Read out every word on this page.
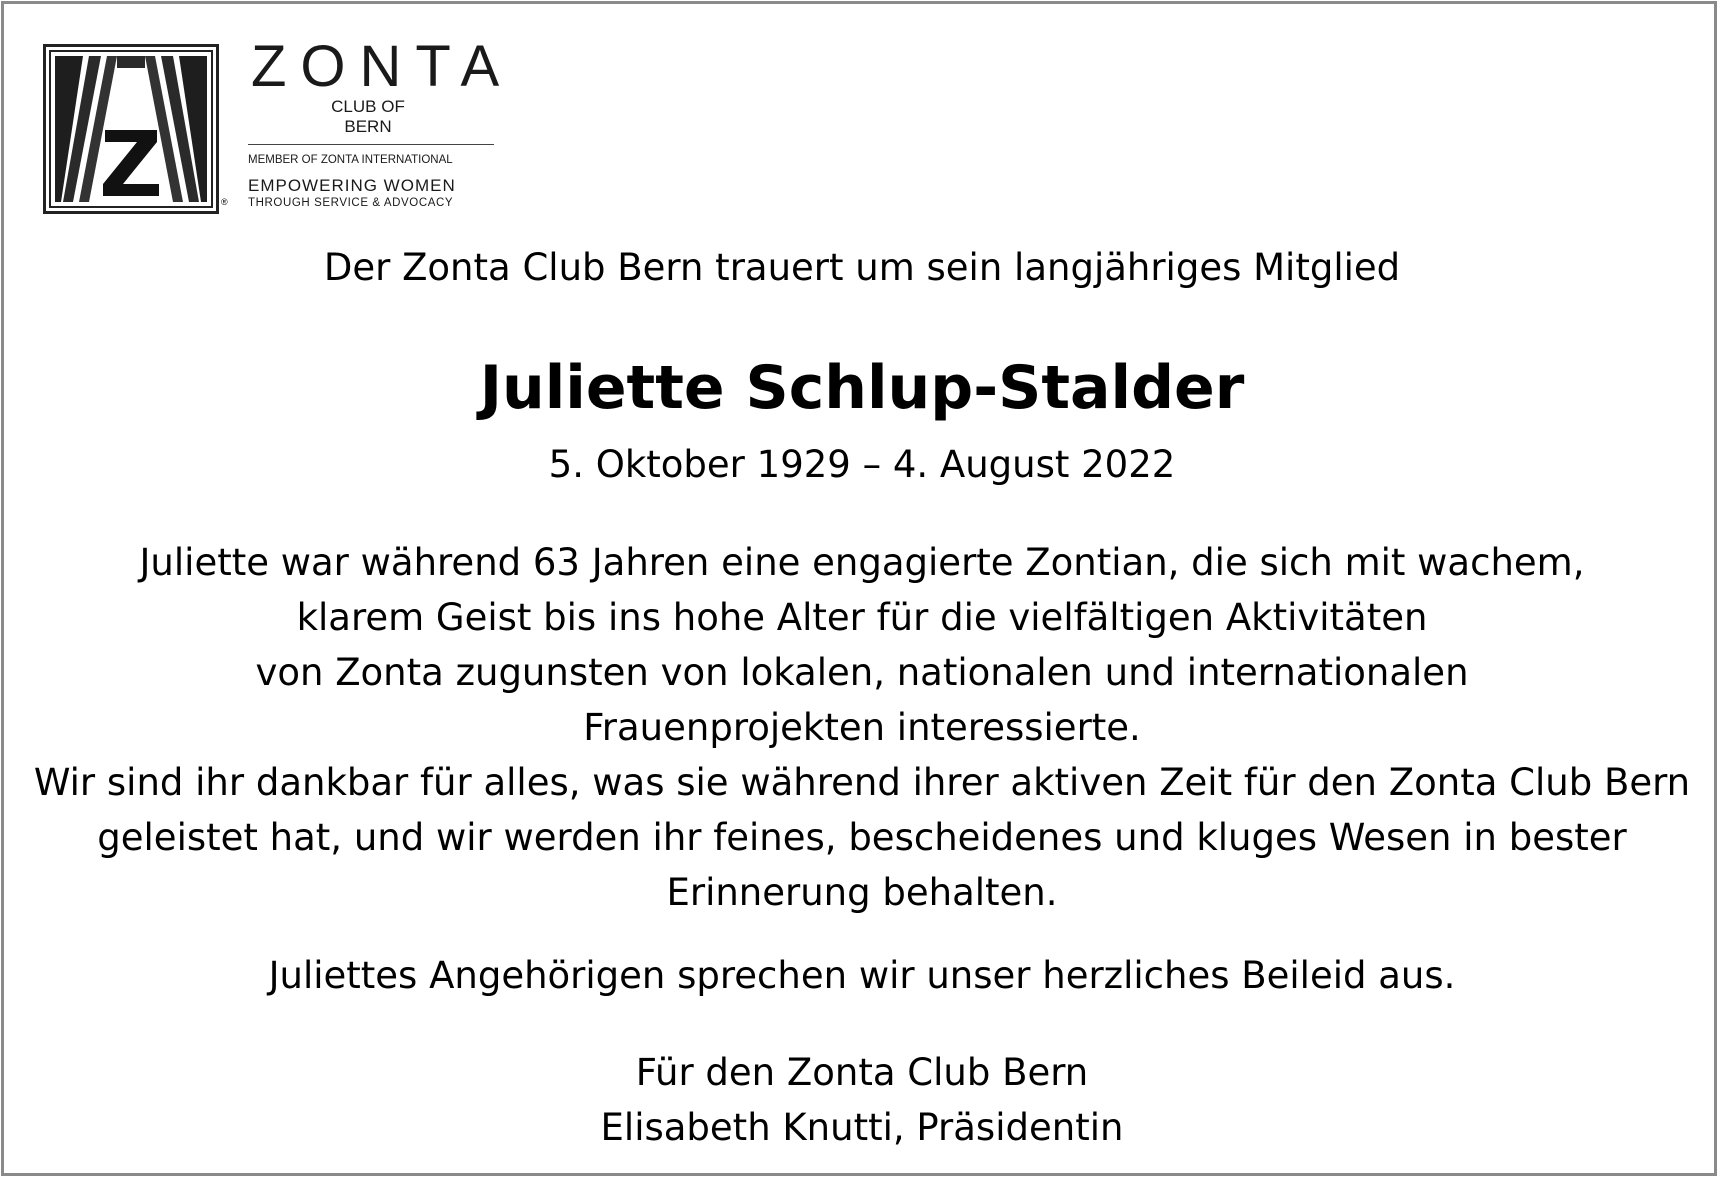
®
ZONTA
CLUB OF
BERN
MEMBER OF ZONTA INTERNATIONAL
EMPOWERING WOMEN
THROUGH SERVICE & ADVOCACY
Der Zonta Club Bern trauert um sein langjähriges Mitglied
Juliette Schlup-Stalder
5. Oktober 1929 – 4. August 2022
Juliette war während 63 Jahren eine engagierte Zontian, die sich mit wachem,
klarem Geist bis ins hohe Alter für die vielfältigen Aktivitäten
von Zonta zugunsten von lokalen, nationalen und internationalen
Frauenprojekten interessierte.
Wir sind ihr dankbar für alles, was sie während ihrer aktiven Zeit für den Zonta Club Bern
geleistet hat, und wir werden ihr feines, bescheidenes und kluges Wesen in bester
Erinnerung behalten.
Juliettes Angehörigen sprechen wir unser herzliches Beileid aus.
Für den Zonta Club Bern
Elisabeth Knutti, Präsidentin
